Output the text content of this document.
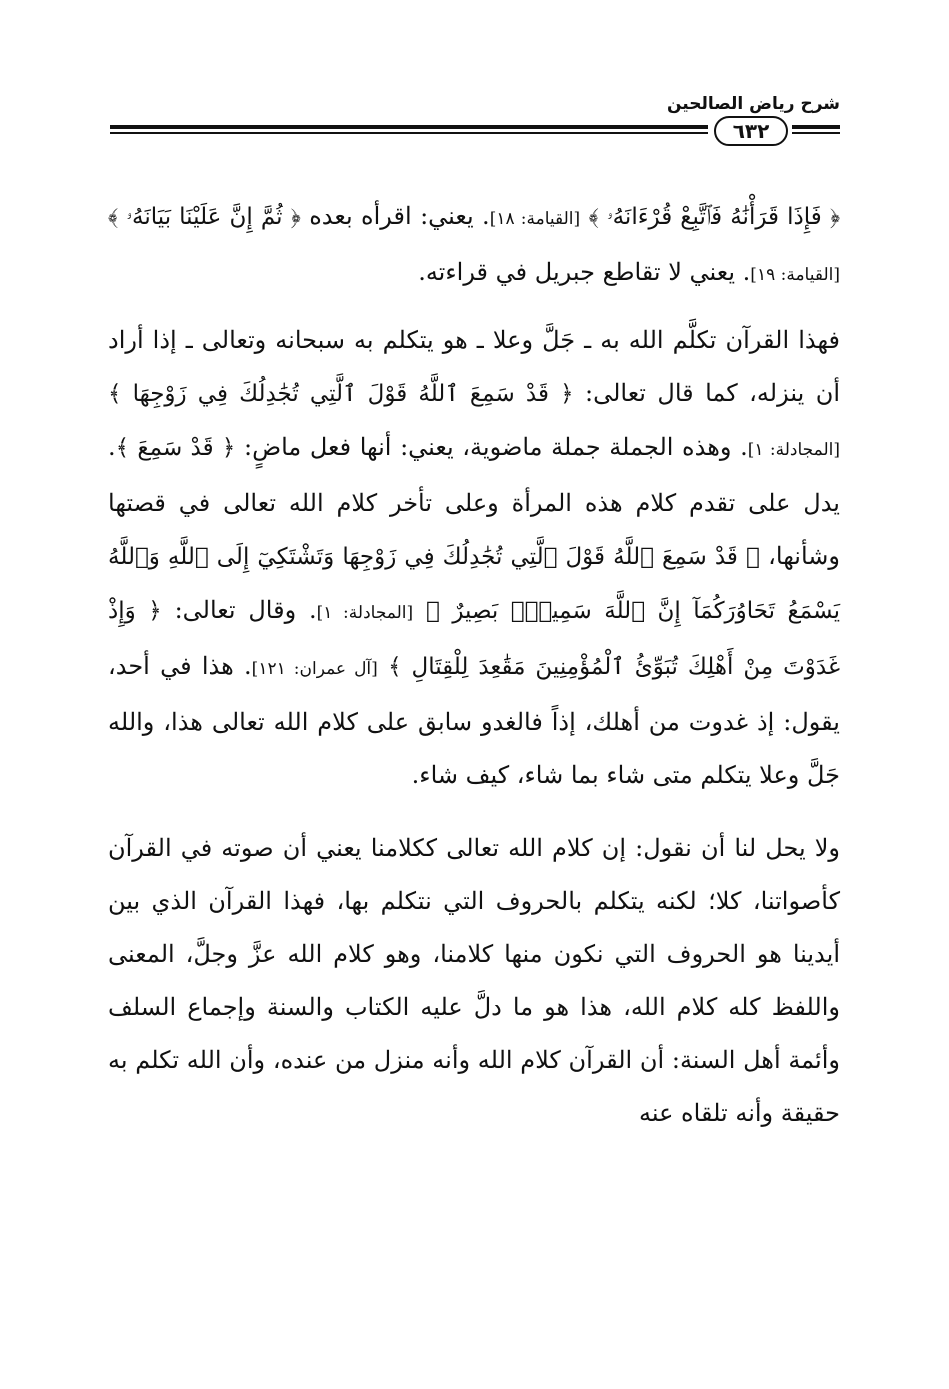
شرح رياض الصالحين
٦٣٢

﴿ فَإِذَا قَرَأْنَٰهُ فَٱتَّبِعْ قُرْءَانَهُۥ ﴾ [القيامة: ١٨]. يعني: اقرأه بعده ﴿ ثُمَّ إِنَّ عَلَيْنَا بَيَانَهُۥ ﴾ [القيامة: ١٩]. يعني لا تقاطع جبريل في قراءته.

فهذا القرآن تكلَّم الله به ـ جَلَّ وعلا ـ هو يتكلم به سبحانه وتعالى ـ إذا أراد أن ينزله، كما قال تعالى: ﴿ قَدْ سَمِعَ ٱللَّهُ قَوْلَ ٱلَّتِي تُجَٰدِلُكَ فِي زَوْجِهَا ﴾ [المجادلة: ١]. وهذه الجملة جملة ماضوية، يعني: أنها فعل ماضٍ: ﴿ قَدْ سَمِعَ ﴾. يدل على تقدم كلام هذه المرأة وعلى تأخر كلام الله تعالى في قصتها وشأنها، ﴿ قَدْ سَمِعَ ٱللَّهُ قَوْلَ ٱلَّتِي تُجَٰدِلُكَ فِي زَوْجِهَا وَتَشْتَكِيٓ إِلَى ٱللَّهِ وَٱللَّهُ يَسْمَعُ تَحَاوُرَكُمَآ إِنَّ ٱللَّهَ سَمِيعٌۢ بَصِيرٌ ﴾ [المجادلة: ١]. وقال تعالى: ﴿ وَإِذْ غَدَوْتَ مِنْ أَهْلِكَ تُبَوِّئُ ٱلْمُؤْمِنِينَ مَقَٰعِدَ لِلْقِتَالِ ﴾ [آل عمران: ١٢١]. هذا في أحد، يقول: إذ غدوت من أهلك، إذاً فالغدو سابق على كلام الله تعالى هذا، والله جَلَّ وعلا يتكلم متى شاء بما شاء، كيف شاء.

ولا يحل لنا أن نقول: إن كلام الله تعالى ككلامنا يعني أن صوته في القرآن كأصواتنا، كلا؛ لكنه يتكلم بالحروف التي نتكلم بها، فهذا القرآن الذي بين أيدينا هو الحروف التي نكون منها كلامنا، وهو كلام الله عزَّ وجلَّ، المعنى واللفظ كله كلام الله، هذا هو ما دلَّ عليه الكتاب والسنة وإجماع السلف وأئمة أهل السنة: أن القرآن كلام الله وأنه منزل من عنده، وأن الله تكلم به حقيقة وأنه تلقاه عنه
